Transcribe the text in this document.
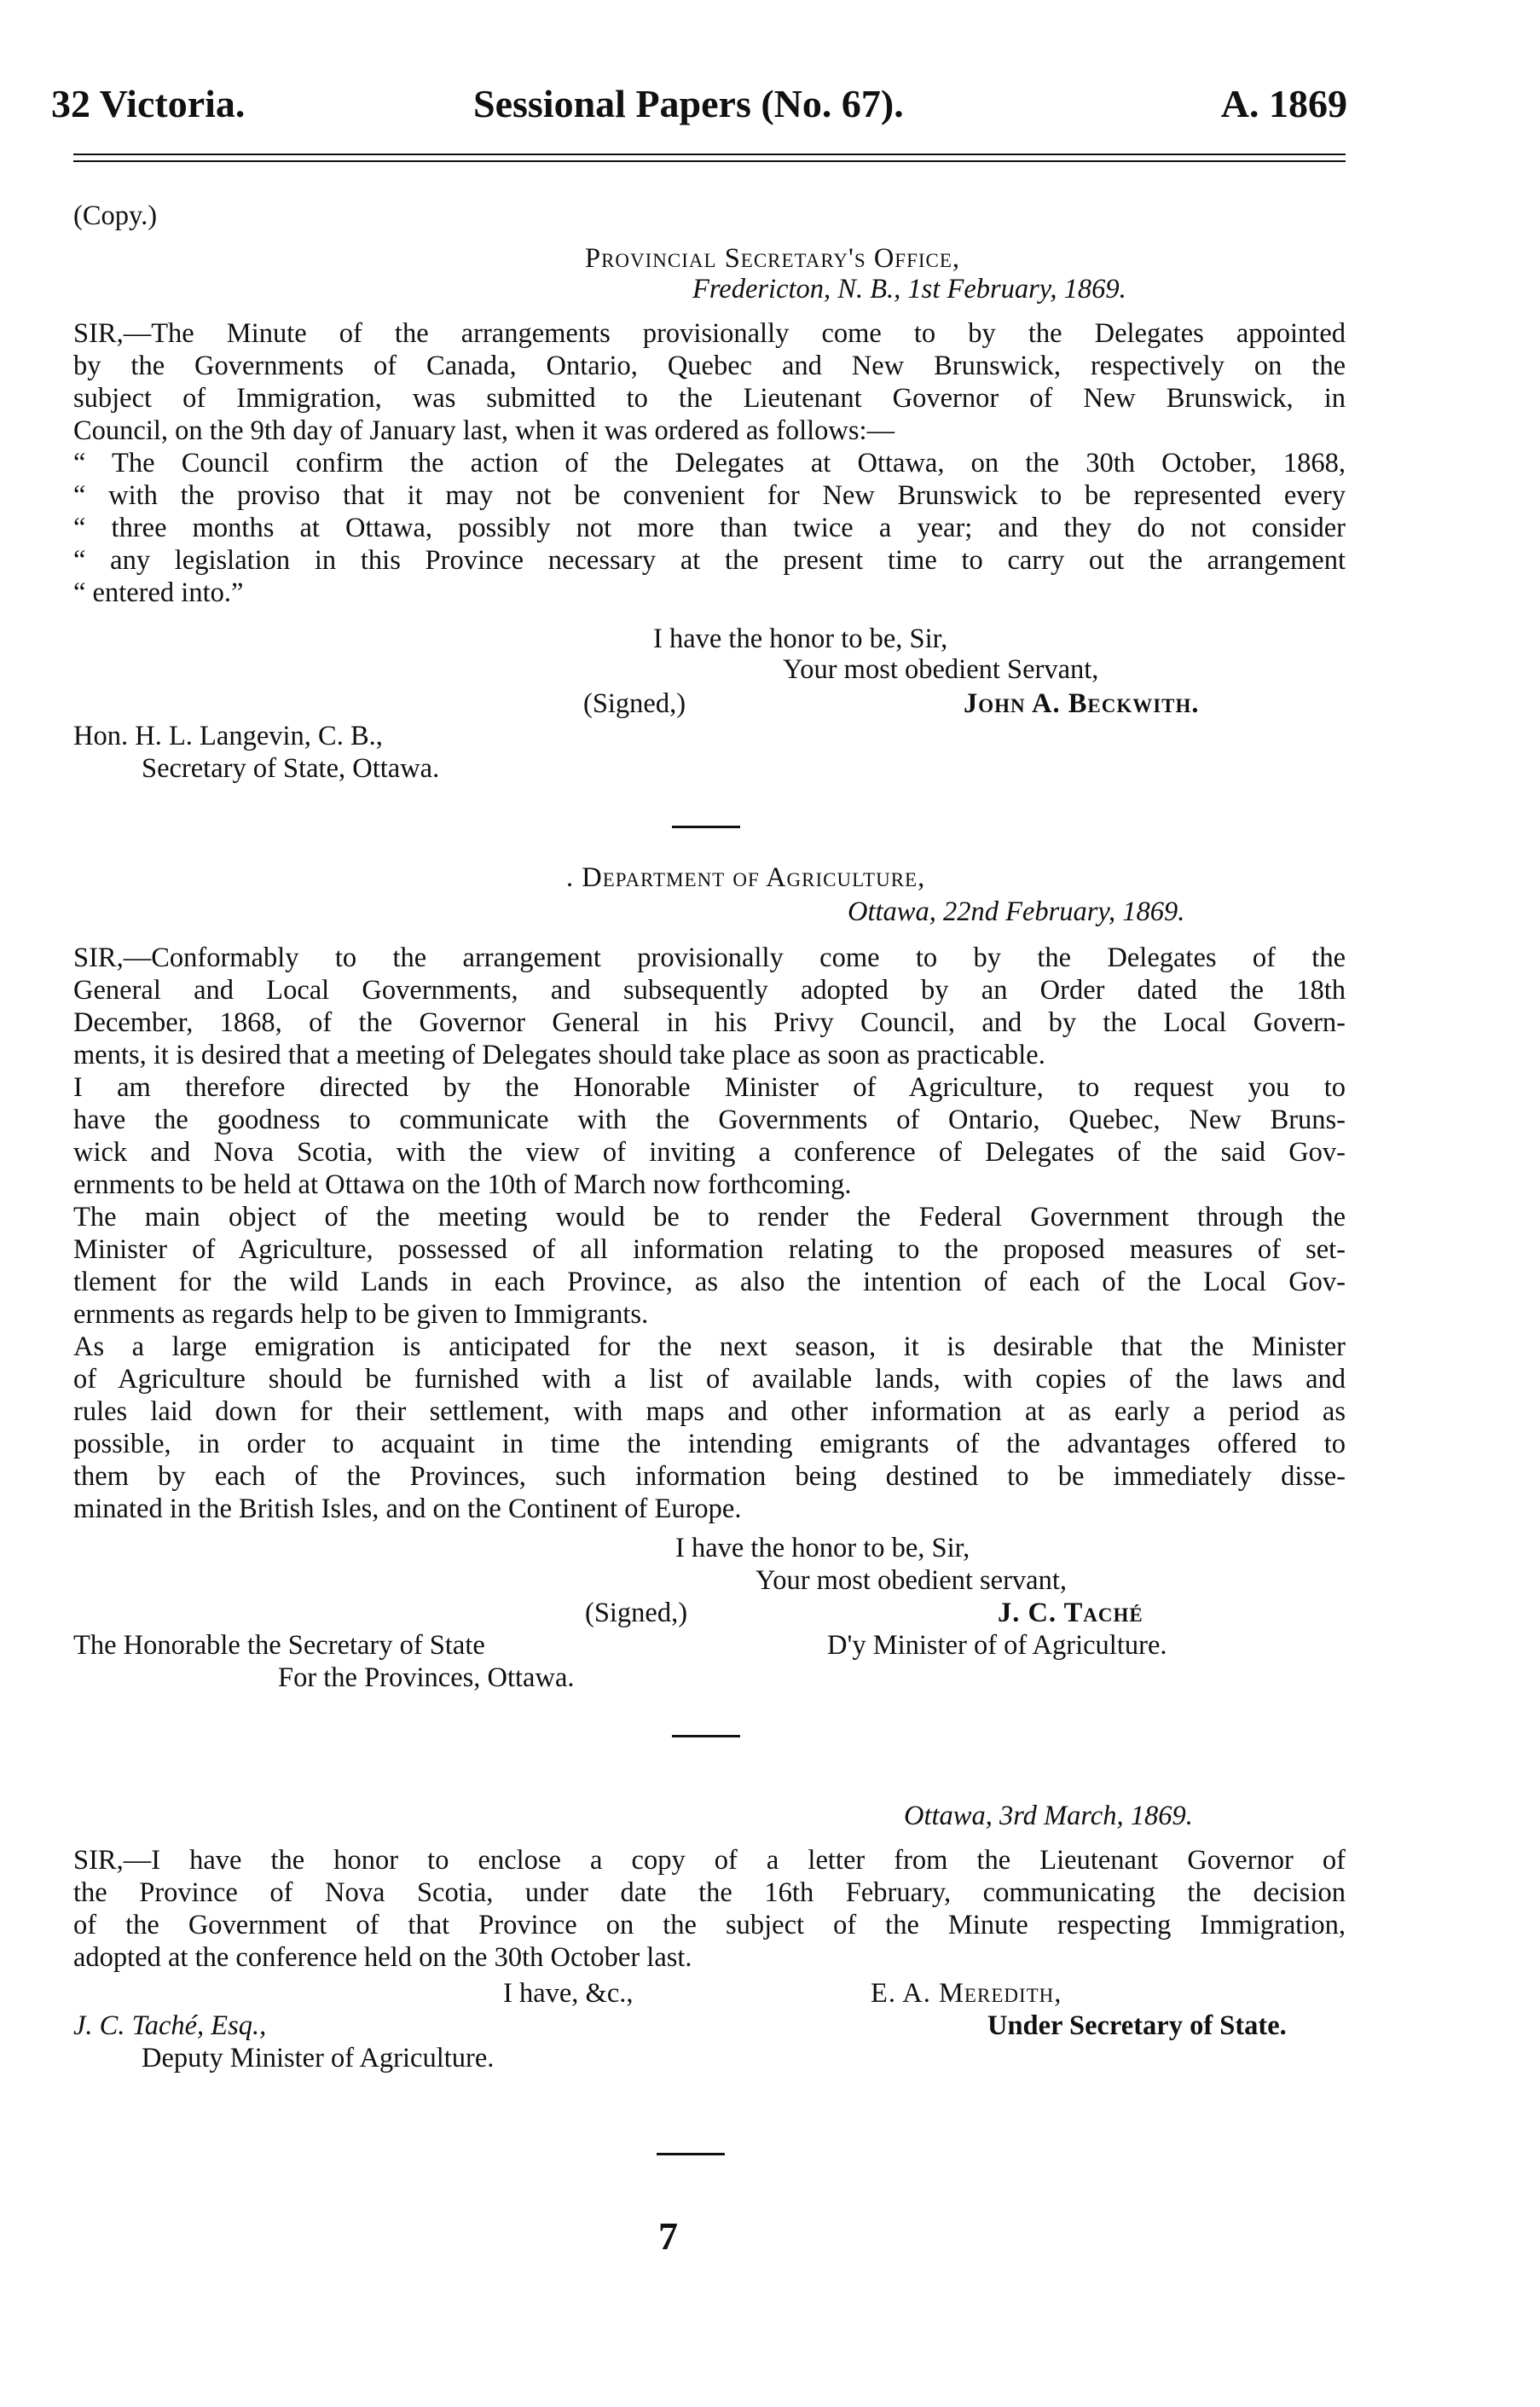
32 Victoria.	Sessional Papers (No. 67).	A. 1869
(Copy.)
Provincial Secretary's Office,
Fredericton, N. B., 1st February, 1869.
SIR,—The Minute of the arrangements provisionally come to by the Delegates appointed
by the Governments of Canada, Ontario, Quebec and New Brunswick, respectively on the
subject of Immigration, was submitted to the Lieutenant Governor of New Brunswick, in
Council, on the 9th day of January last, when it was ordered as follows:—
“ The Council confirm the action of the Delegates at Ottawa, on the 30th October, 1868,
“ with the proviso that it may not be convenient for New Brunswick to be represented every
“ three months at Ottawa, possibly not more than twice a year; and they do not consider
“ any legislation in this Province necessary at the present time to carry out the arrangement
“ entered into.”
I have the honor to be, Sir,
Your most obedient Servant,
(Signed,)	John A. Beckwith.
Hon. H. L. Langevin, C. B.,
Secretary of State, Ottawa.
. Department of Agriculture,
Ottawa, 22nd February, 1869.
SIR,—Conformably to the arrangement provisionally come to by the Delegates of the
General and Local Governments, and subsequently adopted by an Order dated the 18th
December, 1868, of the Governor General in his Privy Council, and by the Local Govern-
ments, it is desired that a meeting of Delegates should take place as soon as practicable.
I am therefore directed by the Honorable Minister of Agriculture, to request you to
have the goodness to communicate with the Governments of Ontario, Quebec, New Bruns-
wick and Nova Scotia, with the view of inviting a conference of Delegates of the said Gov-
ernments to be held at Ottawa on the 10th of March now forthcoming.
The main object of the meeting would be to render the Federal Government through the
Minister of Agriculture, possessed of all information relating to the proposed measures of set-
tlement for the wild Lands in each Province, as also the intention of each of the Local Gov-
ernments as regards help to be given to Immigrants.
As a large emigration is anticipated for the next season, it is desirable that the Minister
of Agriculture should be furnished with a list of available lands, with copies of the laws and
rules laid down for their settlement, with maps and other information at as early a period as
possible, in order to acquaint in time the intending emigrants of the advantages offered to
them by each of the Provinces, such information being destined to be immediately disse-
minated in the British Isles, and on the Continent of Europe.
I have the honor to be, Sir,
Your most obedient servant,
(Signed,)	J. C. Taché
The Honorable the Secretary of State	D'y Minister of of Agriculture.
For the Provinces, Ottawa.
Ottawa, 3rd March, 1869.
SIR,—I have the honor to enclose a copy of a letter from the Lieutenant Governor of
the Province of Nova Scotia, under date the 16th February, communicating the decision
of the Government of that Province on the subject of the Minute respecting Immigration,
adopted at the conference held on the 30th October last.
I have, &c.,	E. A. Meredith,
J. C. Taché, Esq.,	Under Secretary of State.
Deputy Minister of Agriculture.
7
